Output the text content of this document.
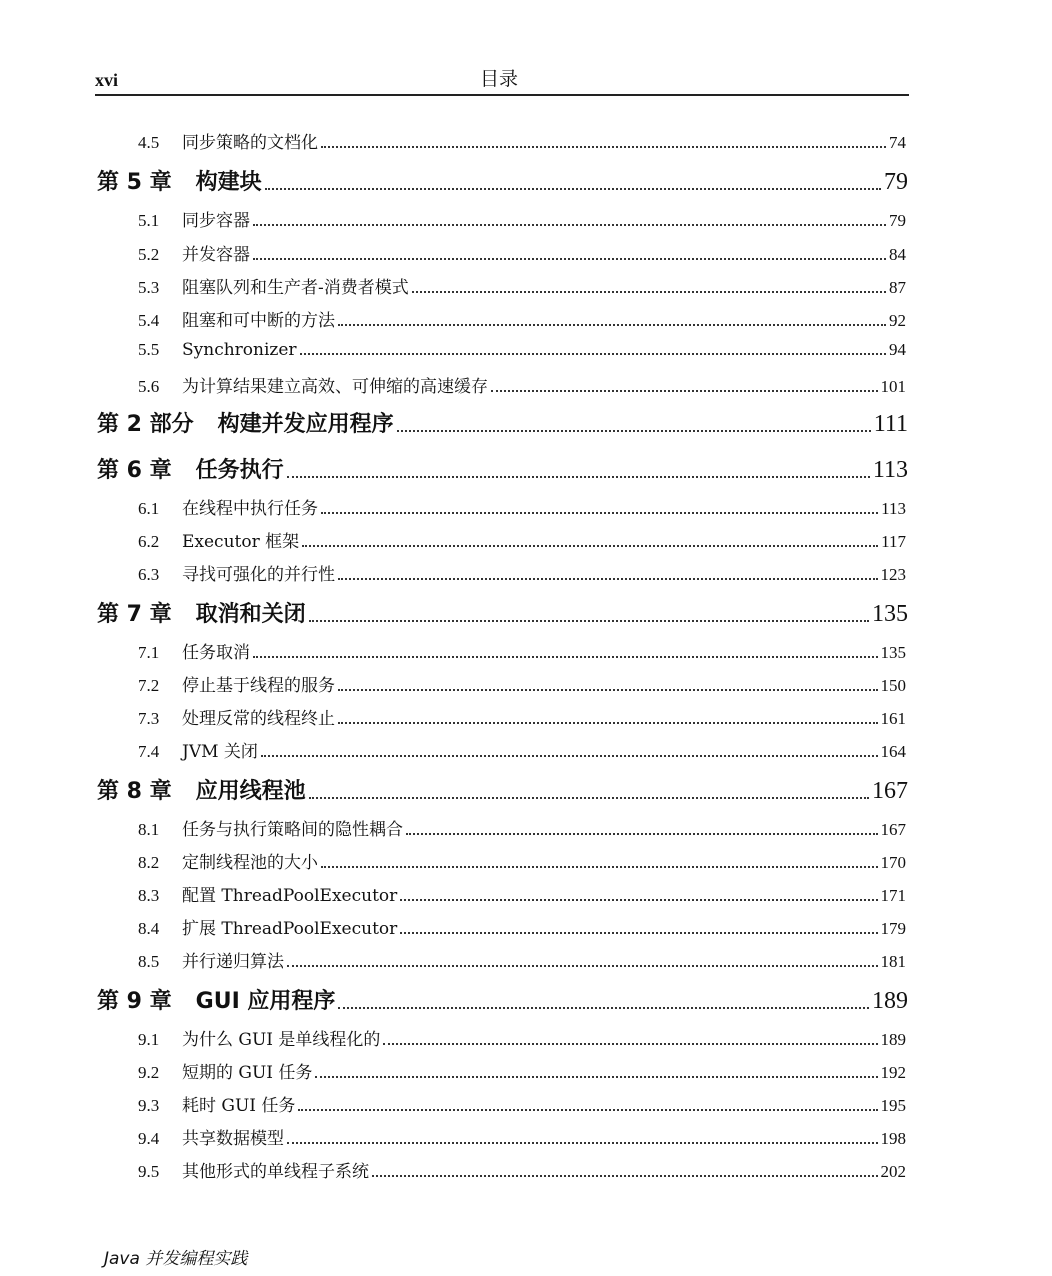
xvi	目录
4.5	同步策略的文档化	74
第 5 章 构建块	79
5.1	同步容器	79
5.2	并发容器	84
5.3	阻塞队列和生产者-消费者模式	87
5.4	阻塞和可中断的方法	92
5.5	Synchronizer	94
5.6	为计算结果建立高效、可伸缩的高速缓存	101
第 2 部分 构建并发应用程序	111
第 6 章 任务执行	113
6.1	在线程中执行任务	113
6.2	Executor 框架	117
6.3	寻找可强化的并行性	123
第 7 章 取消和关闭	135
7.1	任务取消	135
7.2	停止基于线程的服务	150
7.3	处理反常的线程终止	161
7.4	JVM 关闭	164
第 8 章 应用线程池	167
8.1	任务与执行策略间的隐性耦合	167
8.2	定制线程池的大小	170
8.3	配置 ThreadPoolExecutor	171
8.4	扩展 ThreadPoolExecutor	179
8.5	并行递归算法	181
第 9 章 GUI 应用程序	189
9.1	为什么 GUI 是单线程化的	189
9.2	短期的 GUI 任务	192
9.3	耗时 GUI 任务	195
9.4	共享数据模型	198
9.5	其他形式的单线程子系统	202
Java 并发编程实践
